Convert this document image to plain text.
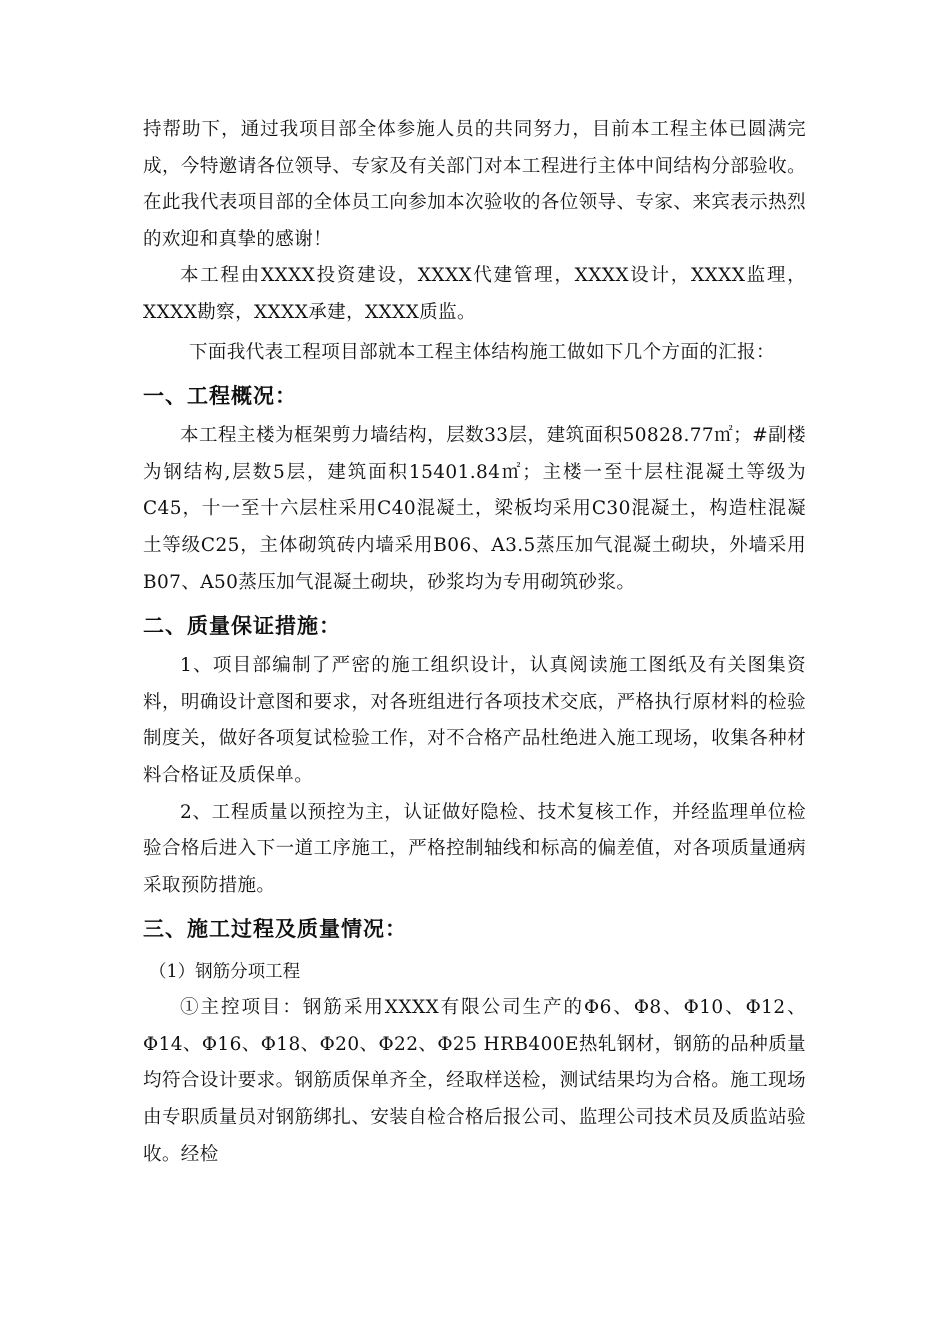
持帮助下，通过我项目部全体参施人员的共同努力，目前本工程主体已圆满完成，今特邀请各位领导、专家及有关部门对本工程进行主体中间结构分部验收。在此我代表项目部的全体员工向参加本次验收的各位领导、专家、来宾表示热烈的欢迎和真挚的感谢！

本工程由XXXX投资建设，XXXX代建管理，XXXX设计，XXXX监理，XXXX勘察，XXXX承建，XXXX质监。

下面我代表工程项目部就本工程主体结构施工做如下几个方面的汇报：

一、工程概况：

本工程主楼为框架剪力墙结构，层数33层，建筑面积50828.77㎡；#副楼为钢结构,层数5层，建筑面积15401.84㎡；主楼一至十层柱混凝土等级为C45，十一至十六层柱采用C40混凝土，梁板均采用C30混凝土，构造柱混凝土等级C25，主体砌筑砖内墙采用B06、A3.5蒸压加气混凝土砌块，外墙采用B07、A50蒸压加气混凝土砌块，砂浆均为专用砌筑砂浆。

二、质量保证措施：

1、项目部编制了严密的施工组织设计，认真阅读施工图纸及有关图集资料，明确设计意图和要求，对各班组进行各项技术交底，严格执行原材料的检验制度关，做好各项复试检验工作，对不合格产品杜绝进入施工现场，收集各种材料合格证及质保单。

2、工程质量以预控为主，认证做好隐检、技术复核工作，并经监理单位检验合格后进入下一道工序施工，严格控制轴线和标高的偏差值，对各项质量通病采取预防措施。

三、施工过程及质量情况：

（1）钢筋分项工程

①主控项目：钢筋采用XXXX有限公司生产的Φ6、Φ8、Φ10、Φ12、Φ14、Φ16、Φ18、Φ20、Φ22、Φ25 HRB400E热轧钢材，钢筋的品种质量均符合设计要求。钢筋质保单齐全，经取样送检，测试结果均为合格。施工现场由专职质量员对钢筋绑扎、安装自检合格后报公司、监理公司技术员及质监站验收。经检
